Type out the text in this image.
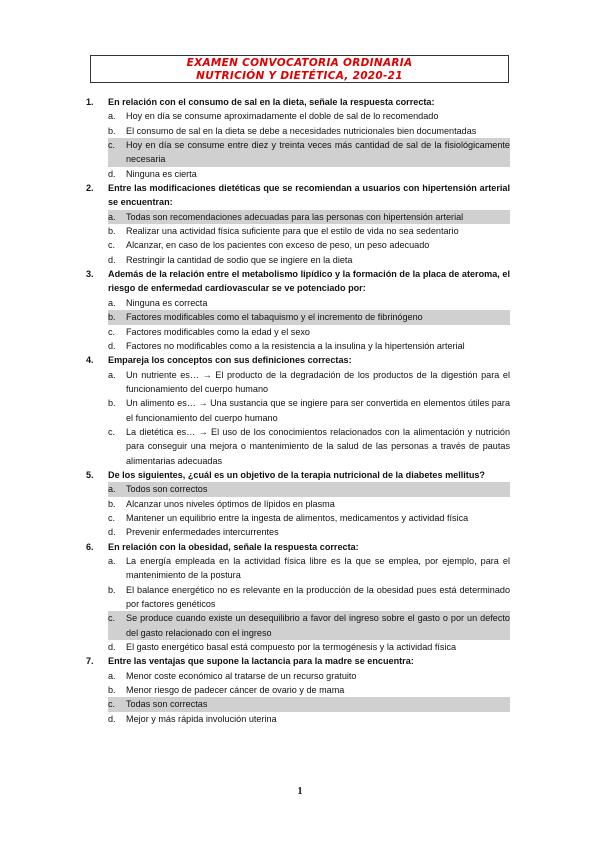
EXAMEN CONVOCATORIA ORDINARIA
NUTRICIÓN Y DIETÉTICA, 2020-21
1.	En relación con el consumo de sal en la dieta, señale la respuesta correcta:
a.	Hoy en día se consume aproximadamente el doble de sal de lo recomendado
b.	El consumo de sal en la dieta se debe a necesidades nutricionales bien documentadas
c.	Hoy en día se consume entre diez y treinta veces más cantidad de sal de la fisiológicamente necesaria
d.	Ninguna es cierta
2.	Entre las modificaciones dietéticas que se recomiendan a usuarios con hipertensión arterial se encuentran:
a.	Todas son recomendaciones adecuadas para las personas con hipertensión arterial
b.	Realizar una actividad física suficiente para que el estilo de vida no sea sedentario
c.	Alcanzar, en caso de los pacientes con exceso de peso, un peso adecuado
d.	Restringir la cantidad de sodio que se ingiere en la dieta
3.	Además de la relación entre el metabolismo lipídico y la formación de la placa de ateroma, el riesgo de enfermedad cardiovascular se ve potenciado por:
a.	Ninguna es correcta
b.	Factores modificables como el tabaquismo y el incremento de fibrinógeno
c.	Factores modificables como la edad y el sexo
d.	Factores no modificables como a la resistencia a la insulina y la hipertensión arterial
4.	Empareja los conceptos con sus definiciones correctas:
a.	Un nutriente es… → El producto de la degradación de los productos de la digestión para el funcionamiento del cuerpo humano
b.	Un alimento es… → Una sustancia que se ingiere para ser convertida en elementos útiles para el funcionamiento del cuerpo humano
c.	La dietética es… → El uso de los conocimientos relacionados con la alimentación y nutrición para conseguir una mejora o mantenimiento de la salud de las personas a través de pautas alimentarias adecuadas
5.	De los siguientes, ¿cuál es un objetivo de la terapia nutricional de la diabetes mellitus?
a.	Todos son correctos
b.	Alcanzar unos niveles óptimos de lípidos en plasma
c.	Mantener un equilibrio entre la ingesta de alimentos, medicamentos y actividad física
d.	Prevenir enfermedades intercurrentes
6.	En relación con la obesidad, señale la respuesta correcta:
a.	La energía empleada en la actividad física libre es la que se emplea, por ejemplo, para el mantenimiento de la postura
b.	El balance energético no es relevante en la producción de la obesidad pues está determinado por factores genéticos
c.	Se produce cuando existe un desequilibrio a favor del ingreso sobre el gasto o por un defecto del gasto relacionado con el ingreso
d.	El gasto energético basal está compuesto por la termogénesis y la actividad física
7.	Entre las ventajas que supone la lactancia para la madre se encuentra:
a.	Menor coste económico al tratarse de un recurso gratuito
b.	Menor riesgo de padecer cáncer de ovario y de mama
c.	Todas son correctas
d.	Mejor y más rápida involución uterina
1
